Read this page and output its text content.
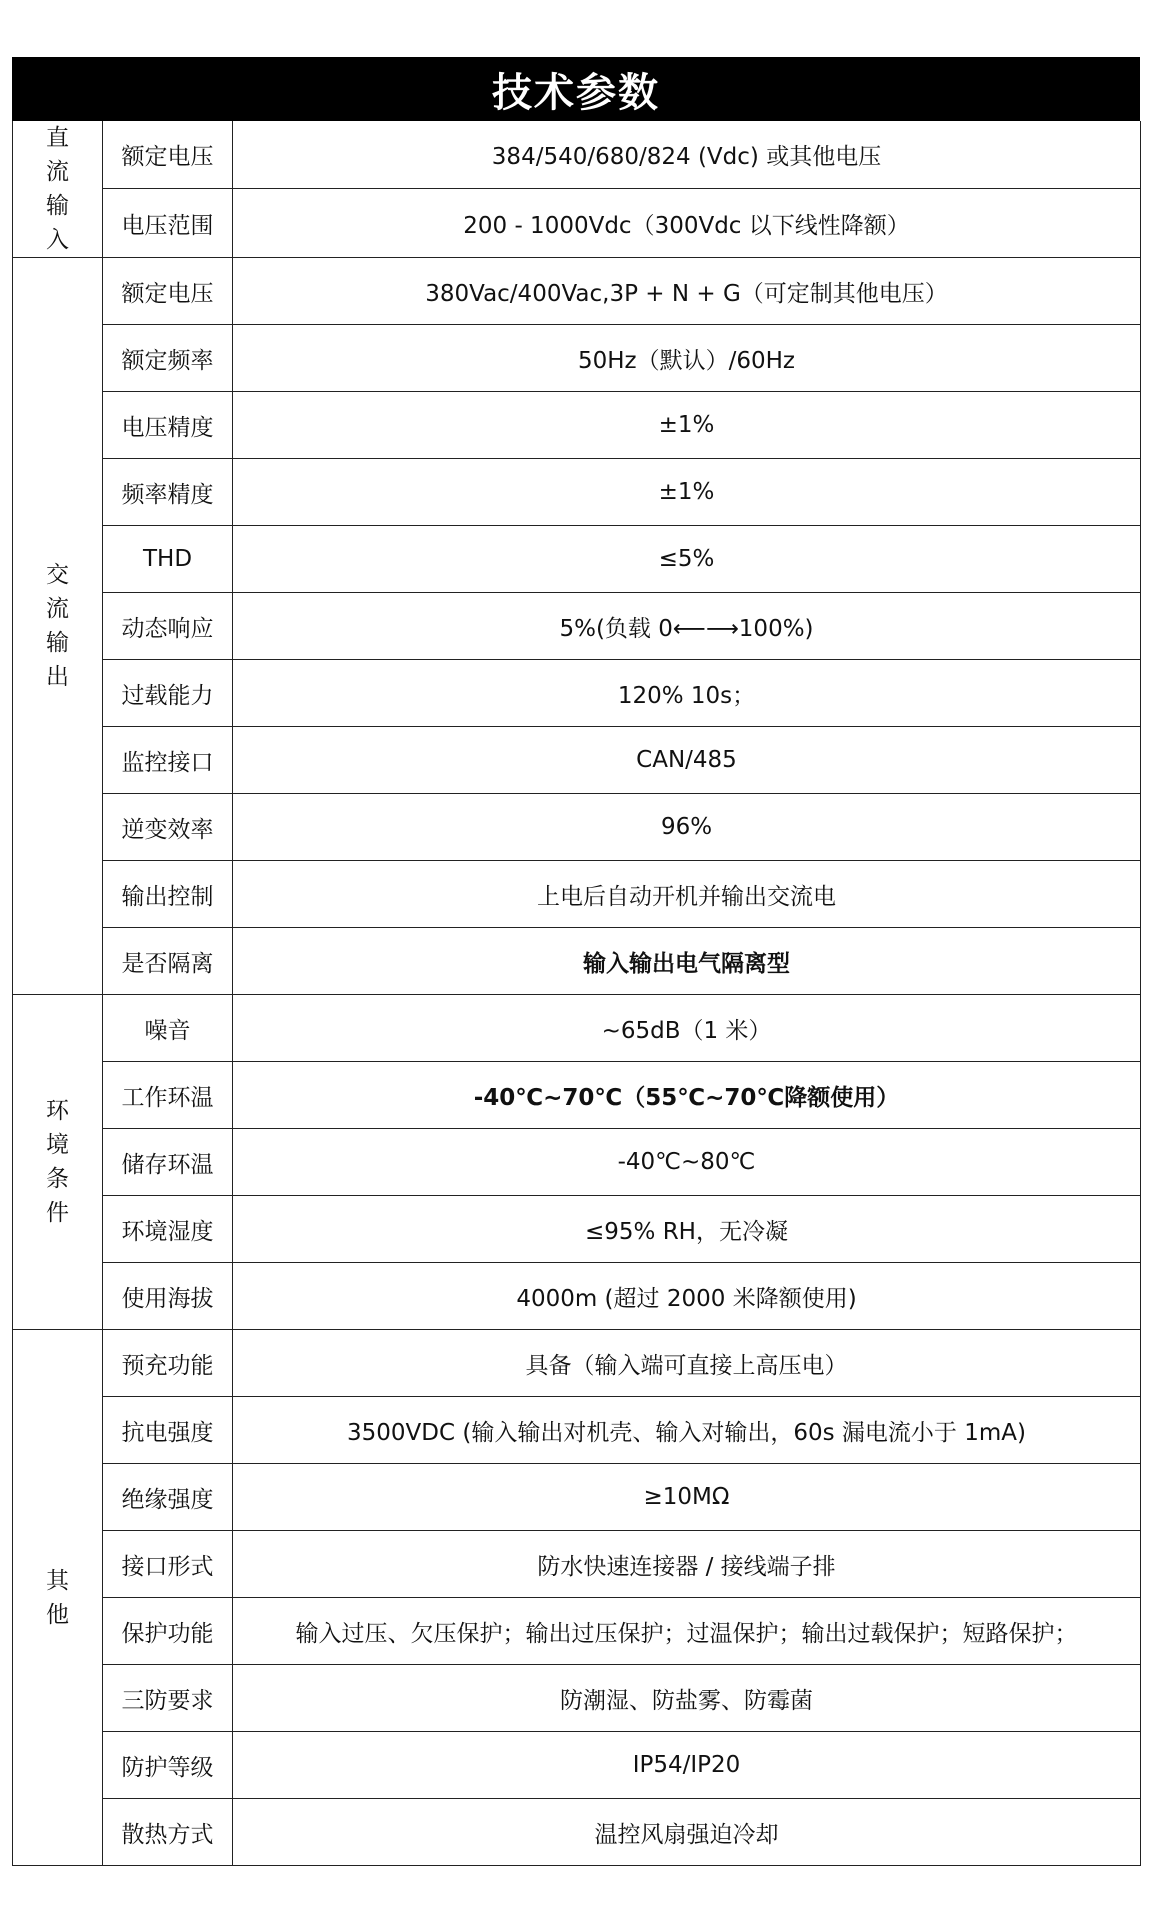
技术参数
直流输入	额定电压	384/540/680/824 (Vdc) 或其他电压
	电压范围	200 - 1000Vdc（300Vdc 以下线性降额）
交流输出	额定电压	380Vac/400Vac,3P + N + G（可定制其他电压）
	额定频率	50Hz（默认）/60Hz
	电压精度	±1%
	频率精度	±1%
	THD	≤5%
	动态响应	5%(负载 0⟵⟶100%)
	过载能力	120% 10s；
	监控接口	CAN/485
	逆变效率	96%
	输出控制	上电后自动开机并输出交流电
	是否隔离	输入输出电气隔离型
环境条件	噪音	~65dB（1 米）
	工作环温	-40℃~70℃（55℃~70℃降额使用）
	储存环温	-40℃~80℃
	环境湿度	≤95% RH，无冷凝
	使用海拔	4000m (超过 2000 米降额使用)
其他	预充功能	具备（输入端可直接上高压电）
	抗电强度	3500VDC (输入输出对机壳、输入对输出，60s 漏电流小于 1mA)
	绝缘强度	≥10MΩ
	接口形式	防水快速连接器 / 接线端子排
	保护功能	输入过压、欠压保护；输出过压保护；过温保护；输出过载保护；短路保护；
	三防要求	防潮湿、防盐雾、防霉菌
	防护等级	IP54/IP20
	散热方式	温控风扇强迫冷却
